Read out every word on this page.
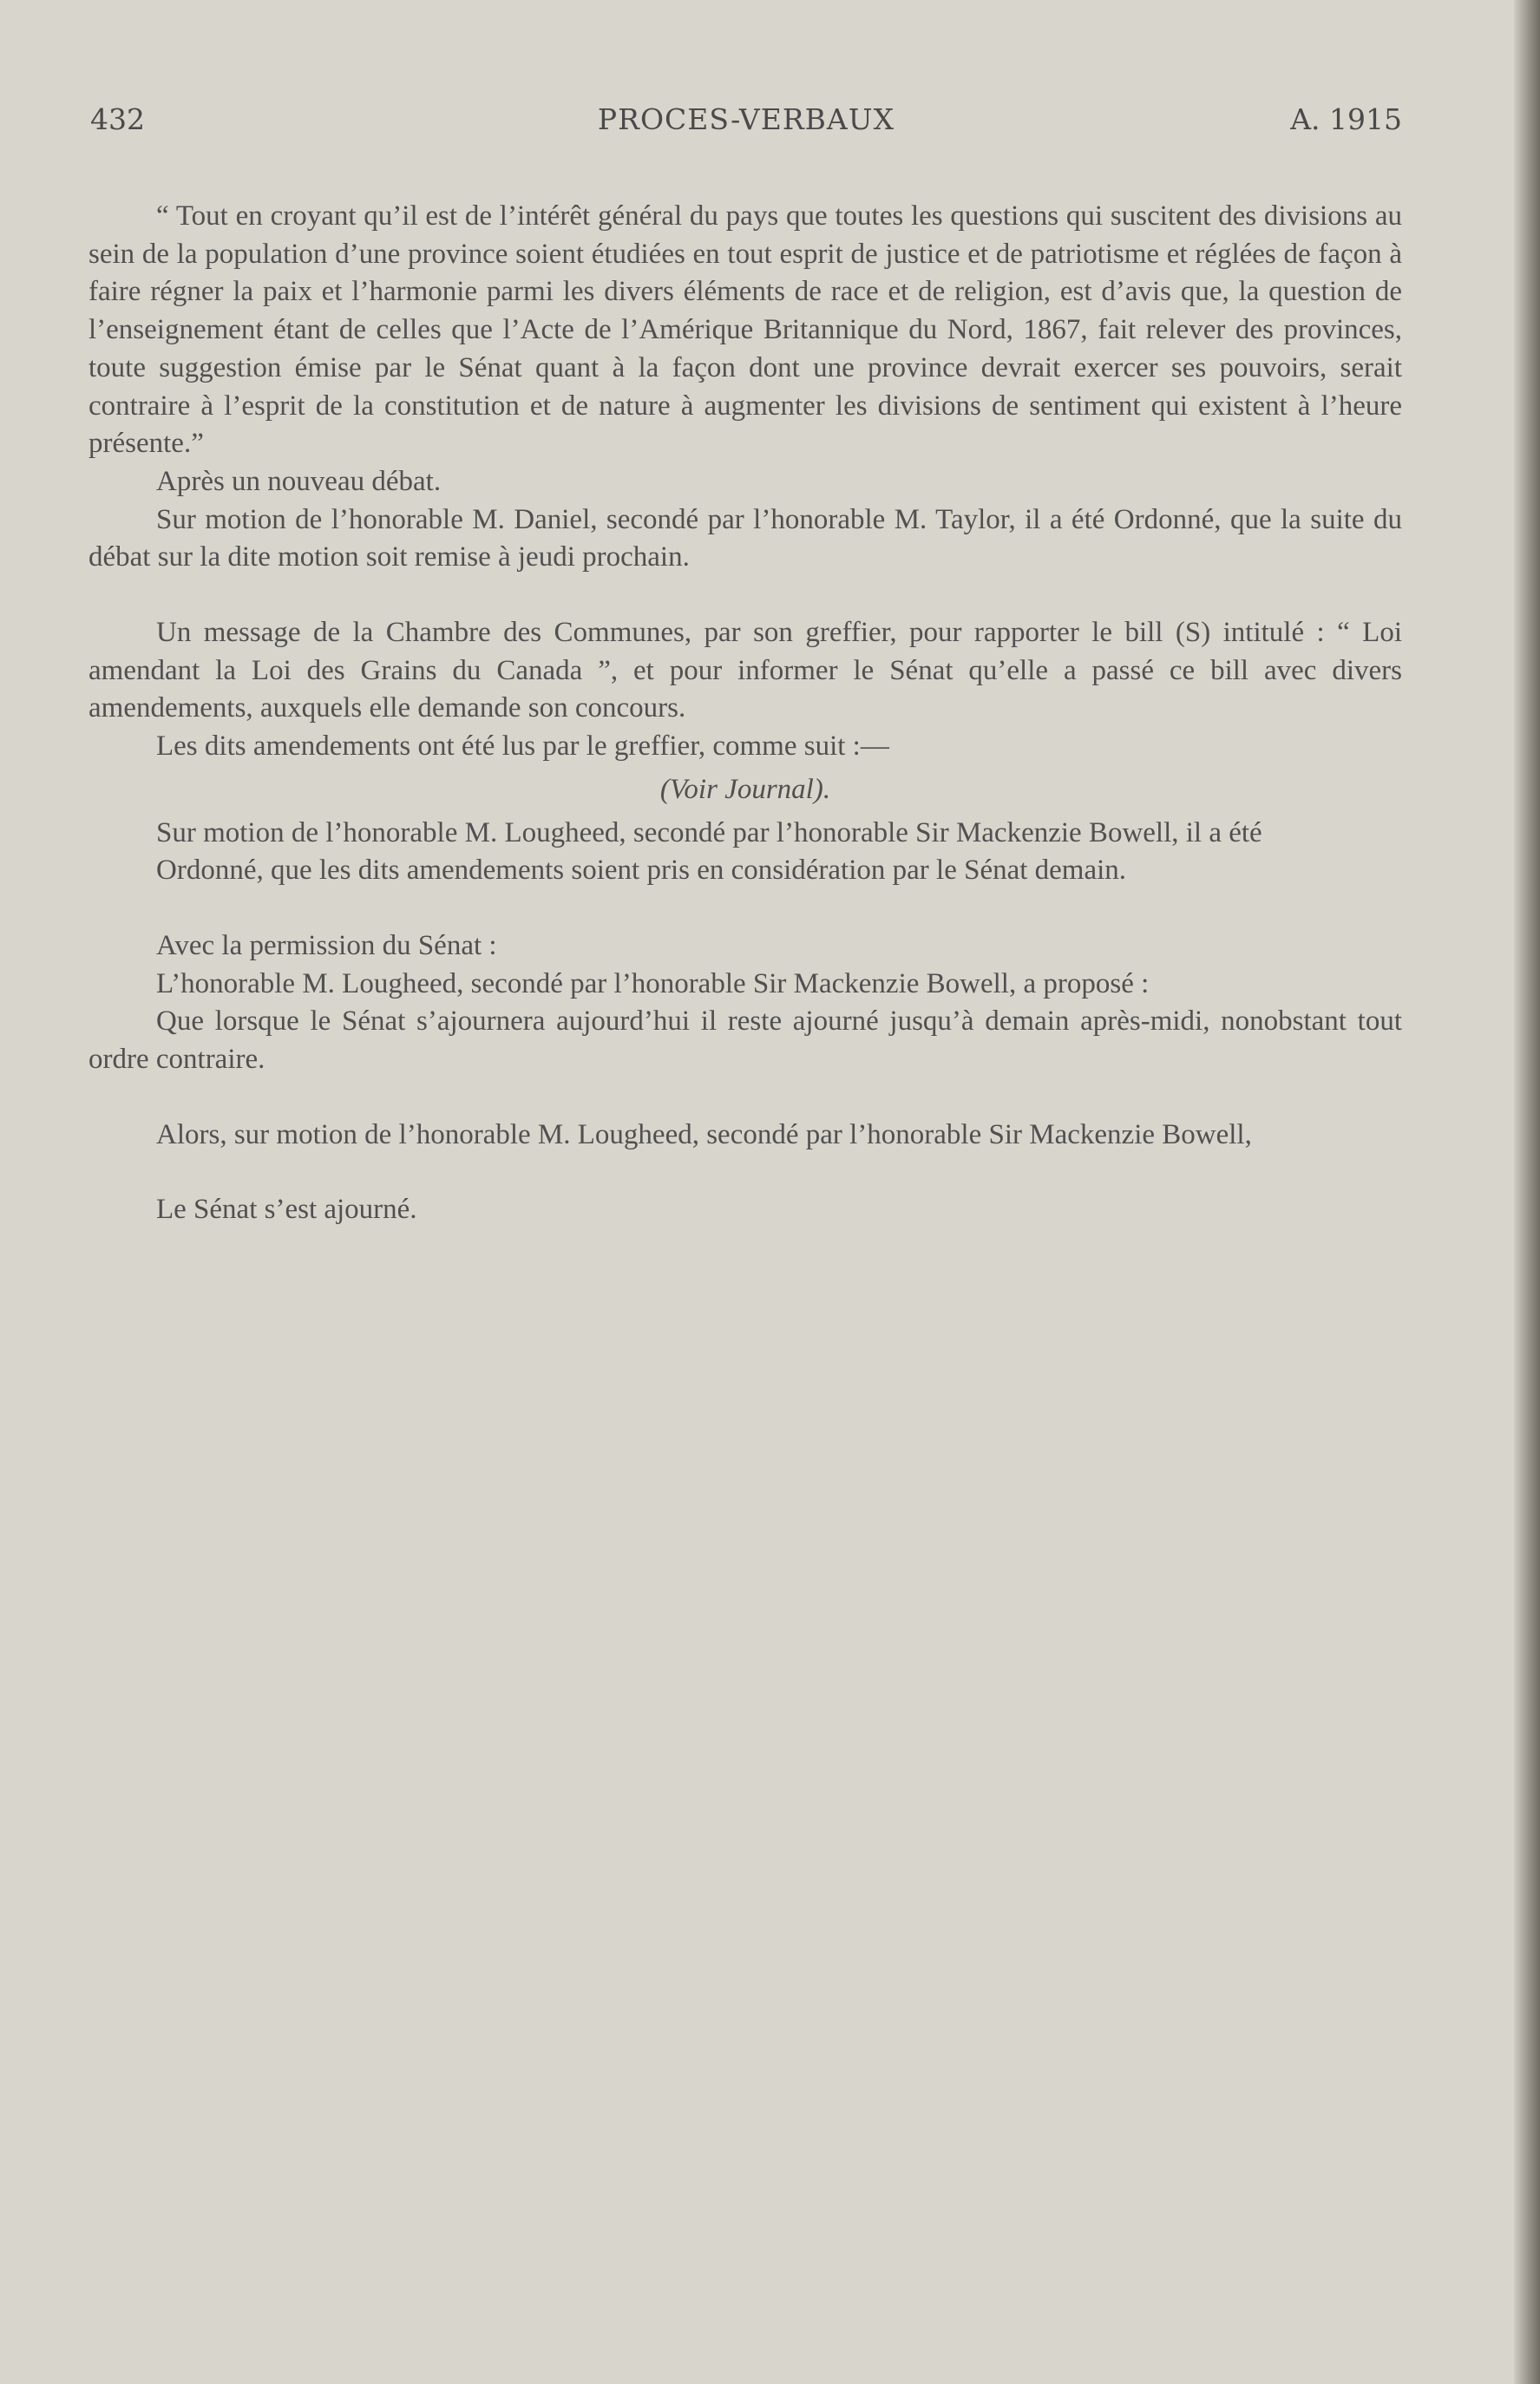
432	PROCES-VERBAUX	A. 1915

“ Tout en croyant qu’il est de l’intérêt général du pays que toutes les questions qui suscitent des divisions au sein de la population d’une province soient étudiées en tout esprit de justice et de patriotisme et réglées de façon à faire régner la paix et l’harmonie parmi les divers éléments de race et de religion, est d’avis que, la question de l’enseignement étant de celles que l’Acte de l’Amérique Britannique du Nord, 1867, fait relever des provinces, toute suggestion émise par le Sénat quant à la façon dont une province devrait exercer ses pouvoirs, serait contraire à l’esprit de la constitution et de nature à augmenter les divisions de sentiment qui existent à l’heure présente.”

Après un nouveau débat.

Sur motion de l’honorable M. Daniel, secondé par l’honorable M. Taylor, il a été Ordonné, que la suite du débat sur la dite motion soit remise à jeudi prochain.

Un message de la Chambre des Communes, par son greffier, pour rapporter le bill (S) intitulé : “ Loi amendant la Loi des Grains du Canada ”, et pour informer le Sénat qu’elle a passé ce bill avec divers amendements, auxquels elle demande son concours.

Les dits amendements ont été lus par le greffier, comme suit :—

(Voir Journal).

Sur motion de l’honorable M. Lougheed, secondé par l’honorable Sir Mackenzie Bowell, il a été

Ordonné, que les dits amendements soient pris en considération par le Sénat demain.

Avec la permission du Sénat :

L’honorable M. Lougheed, secondé par l’honorable Sir Mackenzie Bowell, a proposé :

Que lorsque le Sénat s’ajournera aujourd’hui il reste ajourné jusqu’à demain après-midi, nonobstant tout ordre contraire.

Alors, sur motion de l’honorable M. Lougheed, secondé par l’honorable Sir Mackenzie Bowell,

Le Sénat s’est ajourné.
